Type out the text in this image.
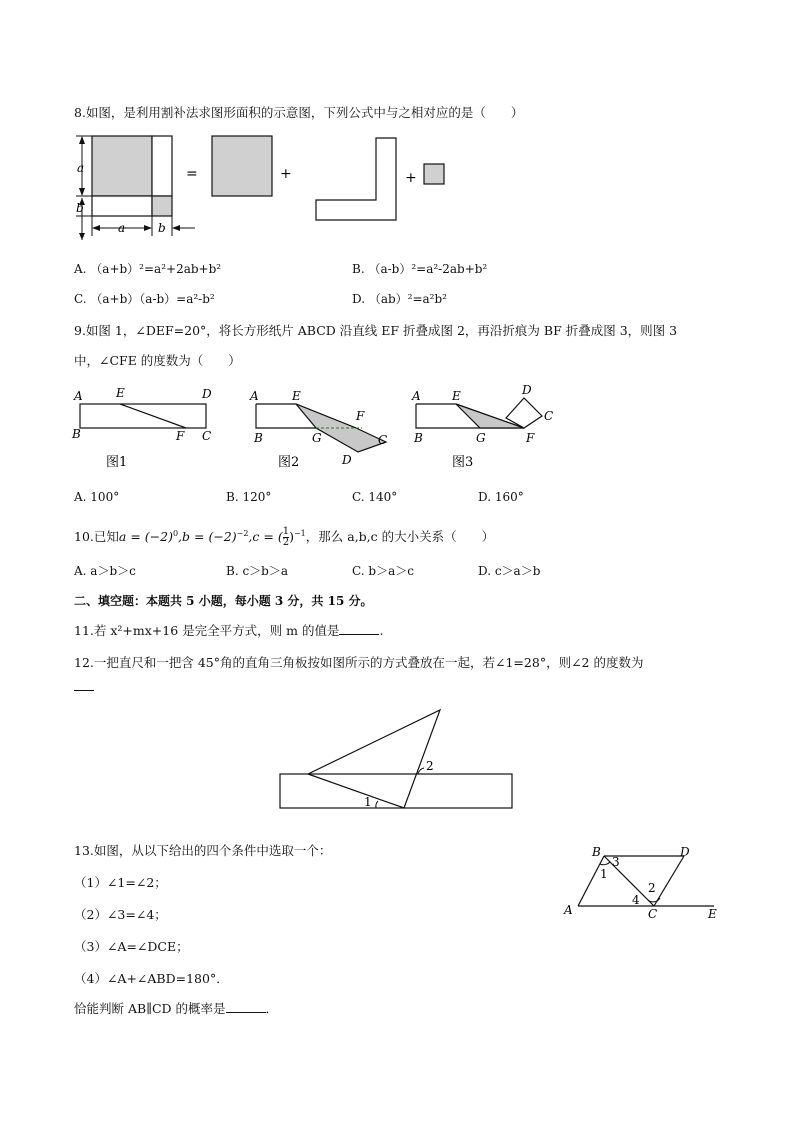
8.如图，是利用割补法求图形面积的示意图，下列公式中与之相对应的是（　　）
a
b
a	b
=	+	+
A. （a+b）²=a²+2ab+b²	B. （a-b）²=a²-2ab+b²
C. （a+b）（a-b）=a²-b²	D. （ab）²=a²b²
9.如图 1，∠DEF=20°，将长方形纸片 ABCD 沿直线 EF 折叠成图 2，再沿折痕为 BF 折叠成图 3，则图 3
中，∠CFE 的度数为（　　）
A	E	D
B	F C
图1
A	E
F
B	G	C
D
图2
A	E	D
C
B	G	F
图3
A. 100°	B. 120°	C. 140°	D. 160°
10.已知$a = (-2)^0,b = (-2)^{-2},c$ = ( $\frac{1}{2} )^{-1}$，那么 a,b,c 的大小关系（　　）
A. a＞b＞c	B. c＞b＞a	C. b＞a＞c	D. c＞a＞b
二、填空题：本题共 5 小题，每小题 3 分，共 15 分。
11.若 x²+mx+16 是完全平方式，则 m 的值是	.
12.一把直尺和一把含 45°角的直角三角板按如图所示的方式叠放在一起，若∠1=28°，则∠2 的度数为
2
1
13.如图，从以下给出的四个条件中选取一个：
（1）∠1=∠2；
（2）∠3=∠4；
（3）∠A=∠DCE；
（4）∠A+∠ABD=180°．
恰能判断 AB∥CD 的概率是	．
B	D
A	C	E
3
1
2
4
